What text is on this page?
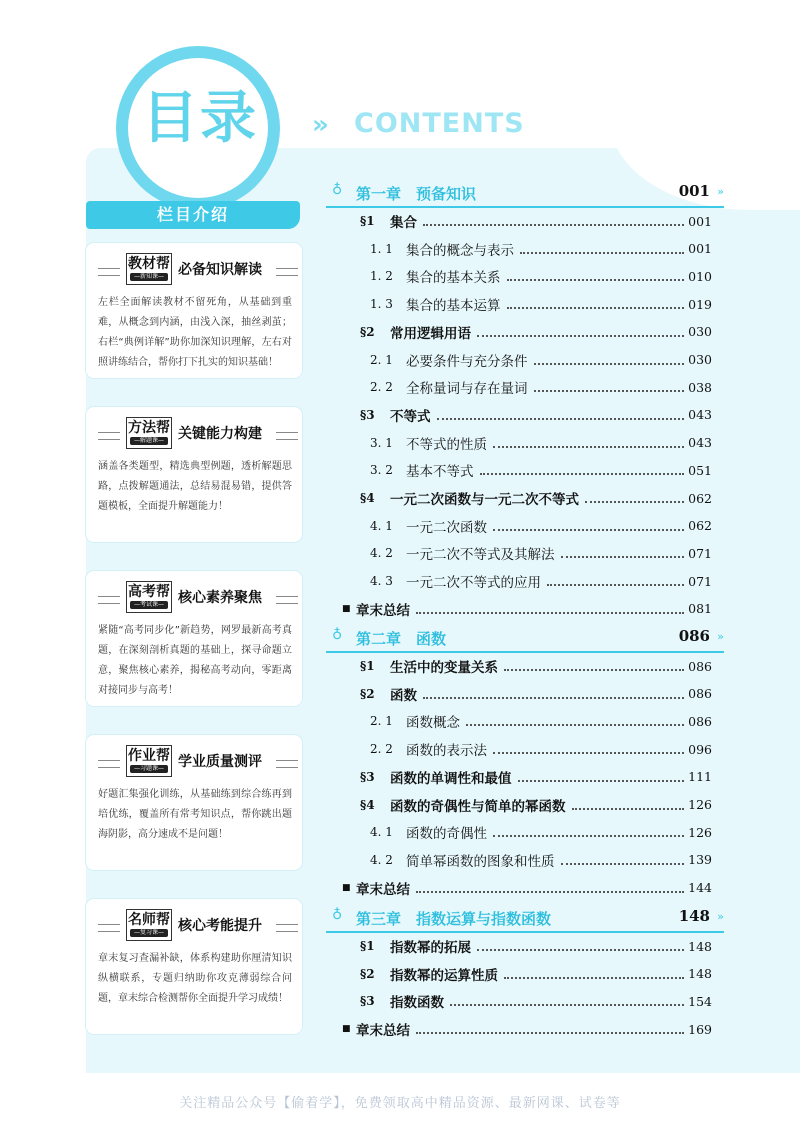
目录	» CONTENTS
栏目介绍
教材帮
—新知课— 必备知识解读
左栏全面解读教材不留死角，从基础到重难，从概念到内涵，由浅入深，抽丝剥茧；右栏“典例详解”助你加深知识理解，左右对照讲练结合，帮你打下扎实的知识基础！
方法帮
—解题课— 关键能力构建
涵盖各类题型，精选典型例题，透析解题思路，点拨解题通法，总结易混易错，提供答题模板，全面提升解题能力！
高考帮
—考试课— 核心素养聚焦
紧随“高考同步化”新趋势，网罗最新高考真题，在深刻剖析真题的基础上，探寻命题立意，聚焦核心素养，揭秘高考动向，零距离对接同步与高考！
作业帮
—习题课— 学业质量测评
好题汇集强化训练，从基础练到综合练再到培优练，覆盖所有常考知识点，帮你跳出题海阴影，高分速成不是问题！
名师帮
—复习课— 核心考能提升
章末复习查漏补缺，体系构建助你厘清知识纵横联系，专题归纳助你攻克薄弱综合问题，章末综合检测帮你全面提升学习成绩！
♁ 第一章　预备知识	001 »
§1	集合	001
1. 1 集合的概念与表示	001
1. 2 集合的基本关系	010
1. 3 集合的基本运算	019
§2	常用逻辑用语	030
2. 1 必要条件与充分条件	030
2. 2 全称量词与存在量词	038
§3	不等式	043
3. 1 不等式的性质	043
3. 2 基本不等式	051
§4	一元二次函数与一元二次不等式	062
4. 1 一元二次函数	062
4. 2 一元二次不等式及其解法	071
4. 3 一元二次不等式的应用	071
■ 章末总结	081
♁ 第二章　函数	086 »
§1	生活中的变量关系	086
§2	函数	086
2. 1 函数概念	086
2. 2 函数的表示法	096
§3	函数的单调性和最值	111
§4	函数的奇偶性与简单的幂函数	126
4. 1 函数的奇偶性	126
4. 2 简单幂函数的图象和性质	139
■ 章末总结	144
♁ 第三章　指数运算与指数函数	148 »
§1	指数幂的拓展	148
§2	指数幂的运算性质	148
§3	指数函数	154
■ 章末总结	169
关注精品公众号【偷着学】，免费领取高中精品资源、最新网课、试卷等
